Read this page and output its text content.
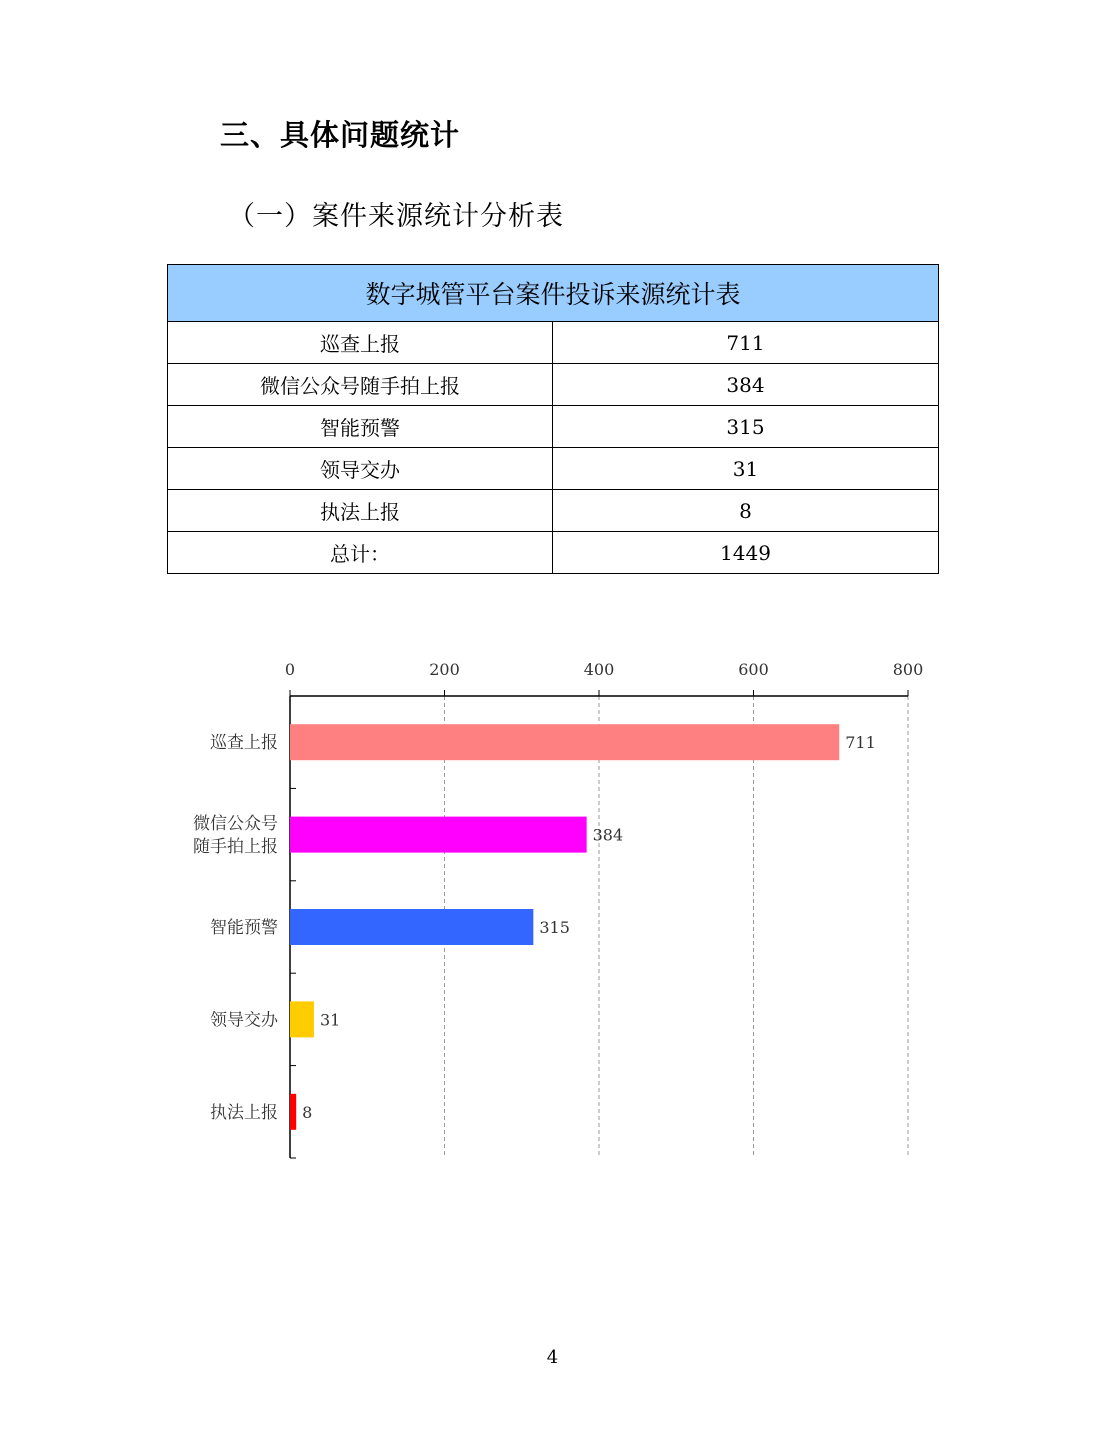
三、具体问题统计
（一）案件来源统计分析表
数字城管平台案件投诉来源统计表	
巡查上报	711
微信公众号随手拍上报	384
智能预警	315
领导交办	31
执法上报	8
总计：	1449
0	200	400	600	800
711
巡查上报
384
微信公众号
随手拍上报
315
智能预警
31
领导交办
8
执法上报
4
